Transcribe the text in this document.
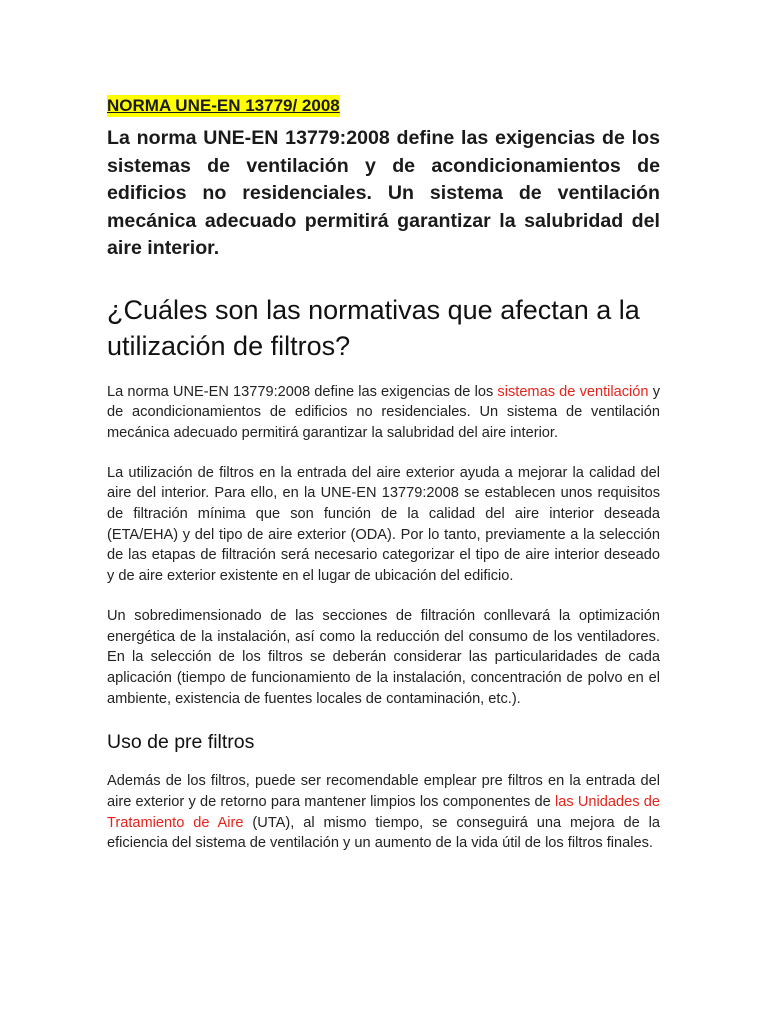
NORMA UNE-EN 13779/ 2008

La norma UNE-EN 13779:2008 define las exigencias de los sistemas de ventilación y de acondicionamientos de edificios no residenciales. Un sistema de ventilación mecánica adecuado permitirá garantizar la salubridad del aire interior.

¿Cuáles son las normativas que afectan a la utilización de filtros?

La norma UNE-EN 13779:2008 define las exigencias de los sistemas de ventilación y de acondicionamientos de edificios no residenciales. Un sistema de ventilación mecánica adecuado permitirá garantizar la salubridad del aire interior.

La utilización de filtros en la entrada del aire exterior ayuda a mejorar la calidad del aire del interior. Para ello, en la UNE-EN 13779:2008 se establecen unos requisitos de filtración mínima que son función de la calidad del aire interior deseada (ETA/EHA) y del tipo de aire exterior (ODA). Por lo tanto, previamente a la selección de las etapas de filtración será necesario categorizar el tipo de aire interior deseado y de aire exterior existente en el lugar de ubicación del edificio.

Un sobredimensionado de las secciones de filtración conllevará la optimización energética de la instalación, así como la reducción del consumo de los ventiladores. En la selección de los filtros se deberán considerar las particularidades de cada aplicación (tiempo de funcionamiento de la instalación, concentración de polvo en el ambiente, existencia de fuentes locales de contaminación, etc.).

Uso de pre filtros

Además de los filtros, puede ser recomendable emplear pre filtros en la entrada del aire exterior y de retorno para mantener limpios los componentes de las Unidades de Tratamiento de Aire (UTA), al mismo tiempo, se conseguirá una mejora de la eficiencia del sistema de ventilación y un aumento de la vida útil de los filtros finales.
